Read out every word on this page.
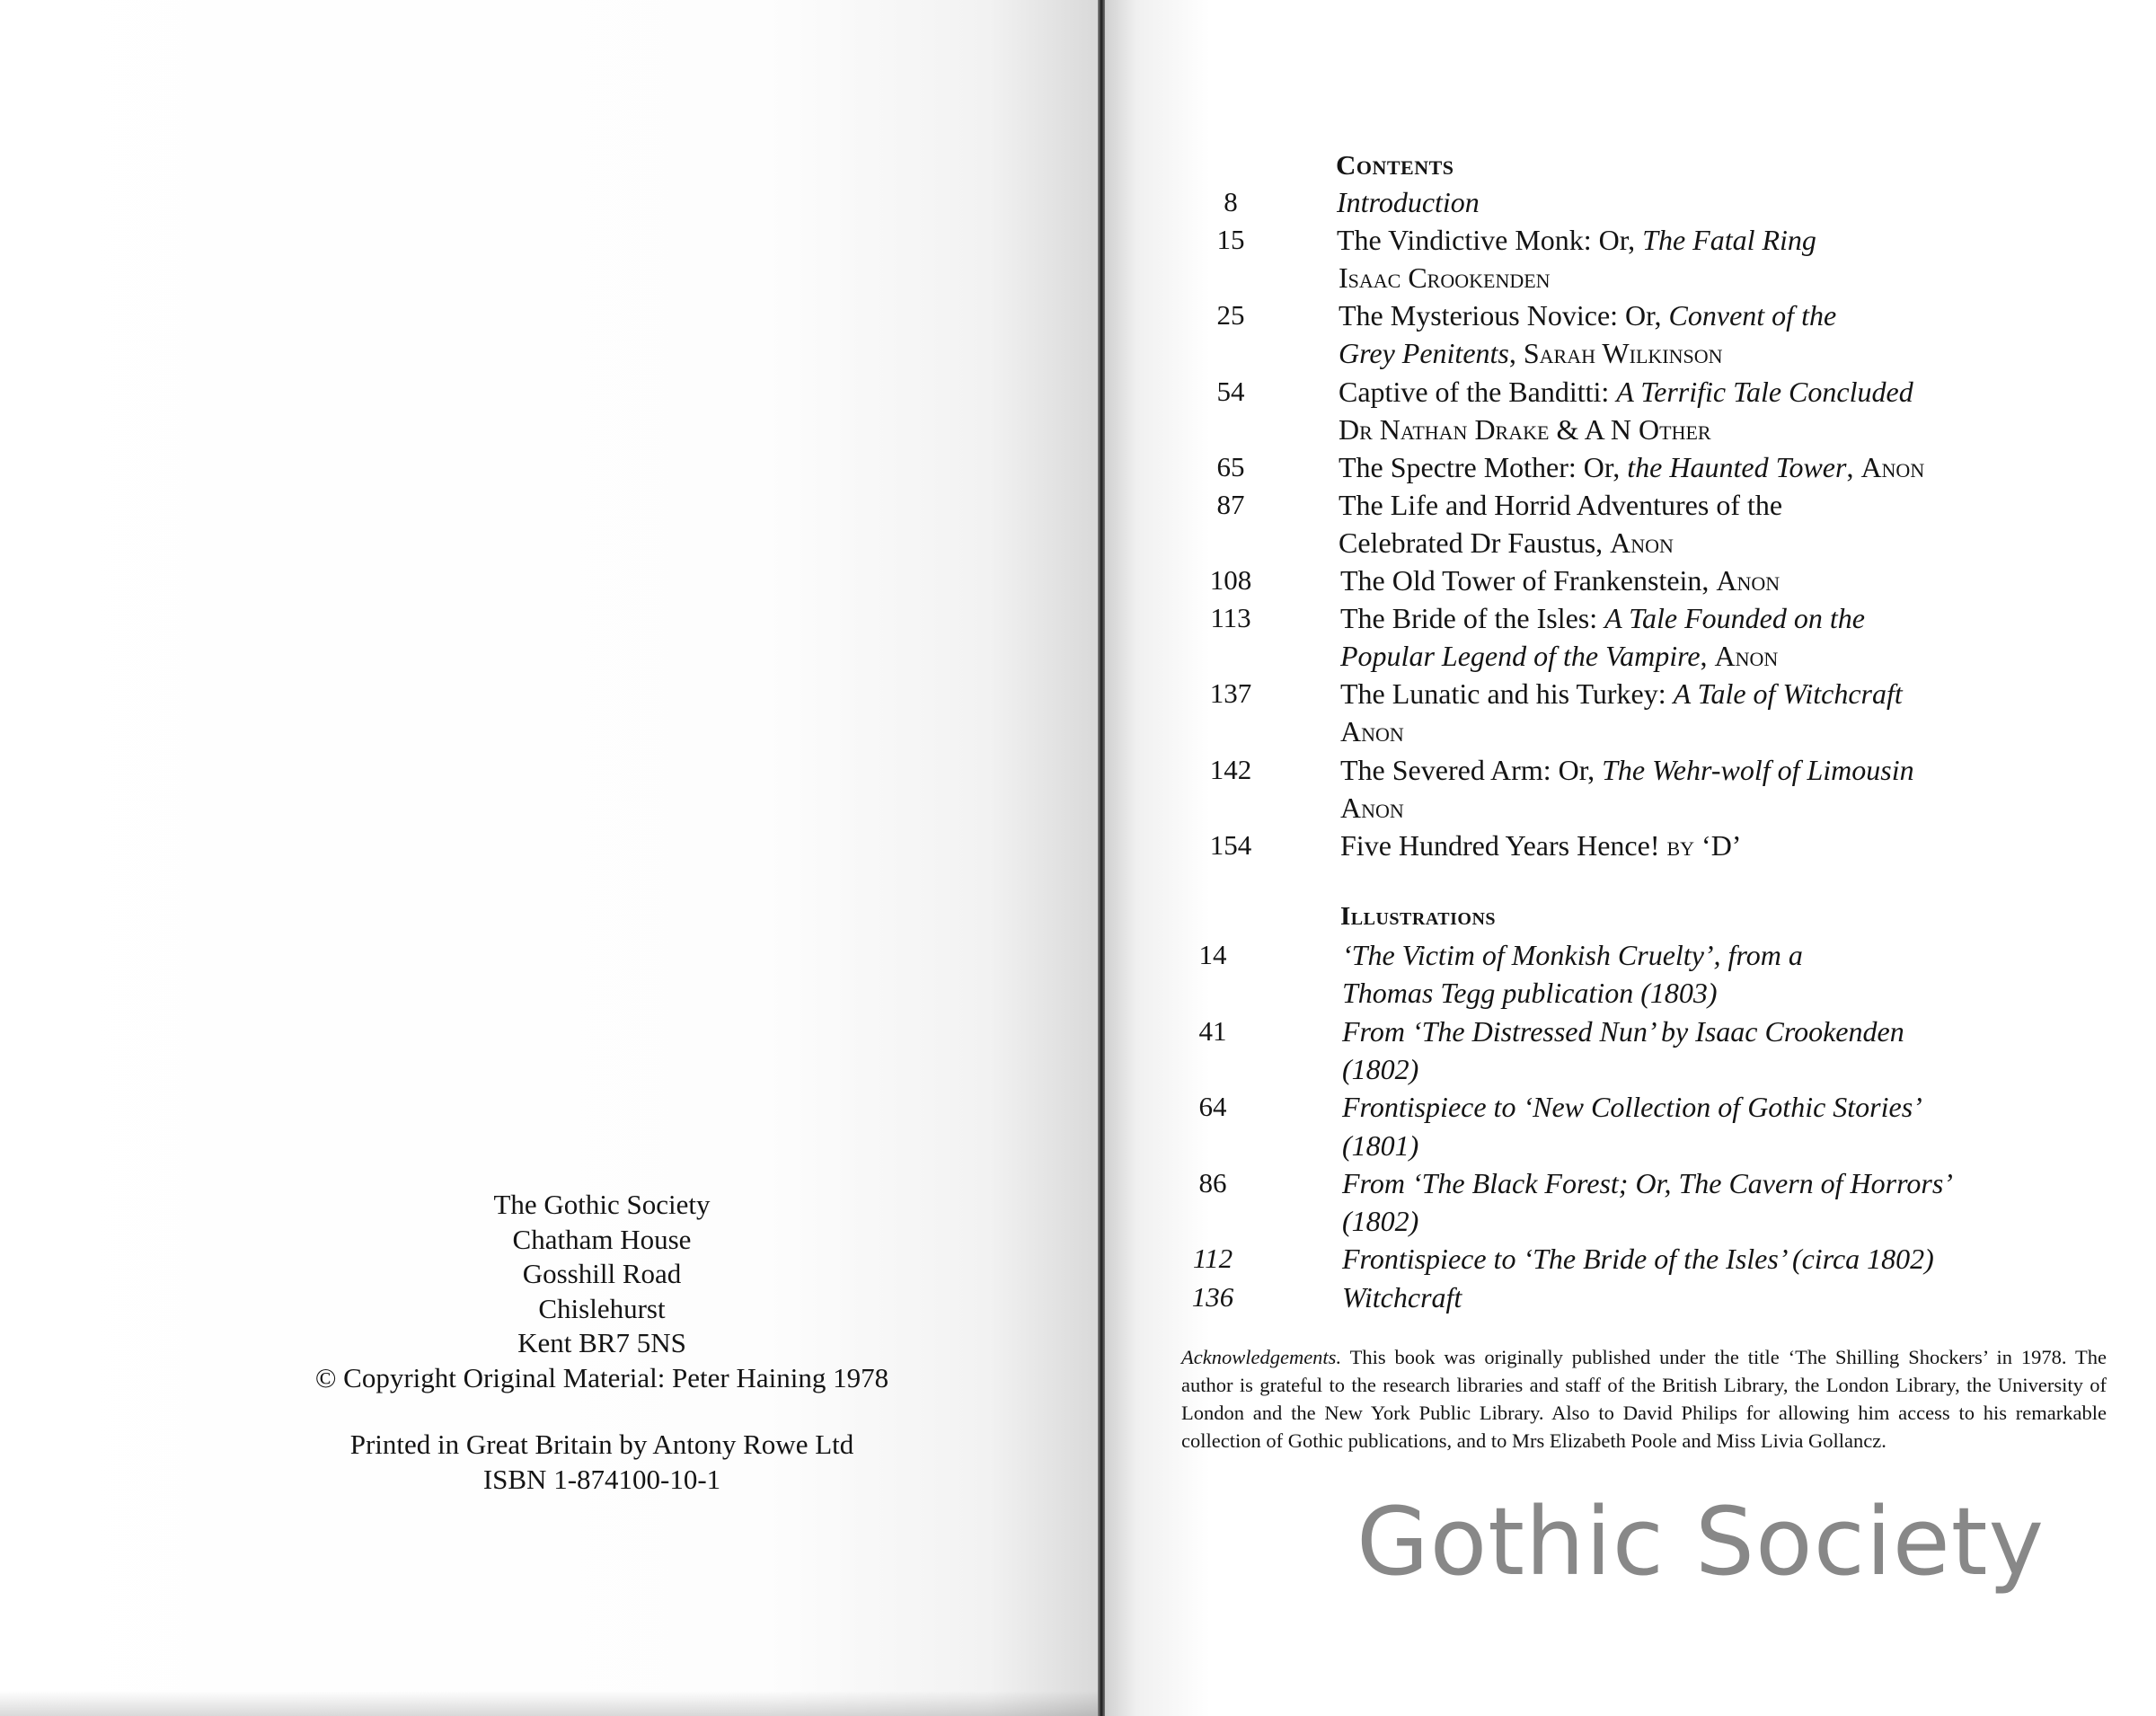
The Gothic Society
Chatham House
Gosshill Road
Chislehurst
Kent BR7 5NS
© Copyright Original Material: Peter Haining 1978
Printed in Great Britain by Antony Rowe Ltd
ISBN 1-874100-10-1
Contents
8	Introduction
15	The Vindictive Monk: Or, The Fatal Ring
Isaac Crookenden
25	The Mysterious Novice: Or, Convent of the
Grey Penitents, Sarah Wilkinson
54	Captive of the Banditti: A Terrific Tale Concluded
Dr Nathan Drake & A N Other
65	The Spectre Mother: Or, the Haunted Tower, Anon
87	The Life and Horrid Adventures of the
Celebrated Dr Faustus, Anon
108	The Old Tower of Frankenstein, Anon
113	The Bride of the Isles: A Tale Founded on the
Popular Legend of the Vampire, Anon
137	The Lunatic and his Turkey: A Tale of Witchcraft
Anon
142	The Severed Arm: Or, The Wehr-wolf of Limousin
Anon
154	Five Hundred Years Hence! by ‘D’
Illustrations
14	‘The Victim of Monkish Cruelty’, from a
Thomas Tegg publication (1803)
41	From ‘The Distressed Nun’ by Isaac Crookenden
(1802)
64	Frontispiece to ‘New Collection of Gothic Stories’
(1801)
86	From ‘The Black Forest; Or, The Cavern of Horrors’
(1802)
112	Frontispiece to ‘The Bride of the Isles’ (circa 1802)
136	Witchcraft
Acknowledgements. This book was originally published under the title ‘The Shilling Shockers’ in 1978. The author is grateful to the research libraries and staff of the British Library, the London Library, the University of London and the New York Public Library. Also to David Philips for allowing him access to his remarkable collection of Gothic publications, and to Mrs Elizabeth Poole and Miss Livia Gollancz.
Gothic Society
